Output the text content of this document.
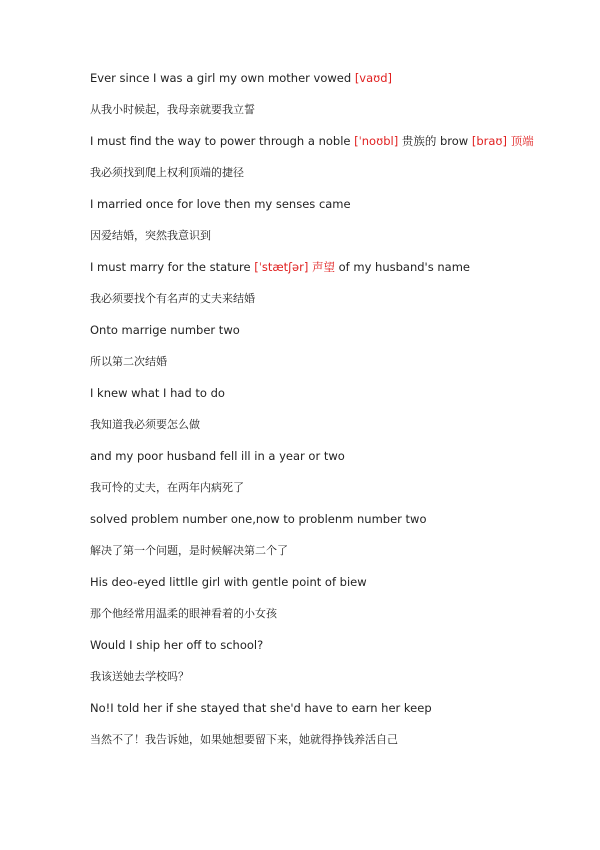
Ever since I was a girl my own mother vowed [vaʊd]
从我小时候起，我母亲就要我立誓
I must find the way to power through a noble [ˈnoʊbl] 贵族的 brow [braʊ] 顶端
我必须找到爬上权利顶端的捷径
I married once for love then my senses came
因爱结婚，突然我意识到
I must marry for the stature [ˈstætʃər] 声望 of my husband's name
我必须要找个有名声的丈夫来结婚
Onto marrige number two
所以第二次结婚
I knew what I had to do
我知道我必须要怎么做
and my poor husband fell ill in a year or two
我可怜的丈夫，在两年内病死了
solved problem number one,now to problenm number two
解决了第一个问题，是时候解决第二个了
His deo-eyed littlle girl with gentle point of biew
那个他经常用温柔的眼神看着的小女孩
Would I ship her off to school?
我该送她去学校吗？
No!I told her if she stayed that she'd have to earn her keep
当然不了！我告诉她，如果她想要留下来，她就得挣钱养活自己
